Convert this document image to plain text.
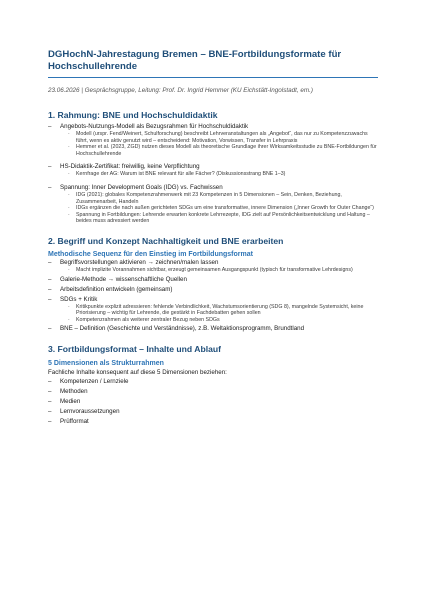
DGHochN-Jahrestagung Bremen – BNE-Fortbildungsformate für Hochschullehrende
23.06.2026 | Gesprächsgruppe, Leitung: Prof. Dr. Ingrid Hemmer (KU Eichstätt-Ingolstadt, em.)
1. Rahmung: BNE und Hochschuldidaktik
–	Angebots-Nutzungs-Modell als Bezugsrahmen für Hochschuldidaktik
·	Modell (urspr. Fend/Weinert, Schulforschung) beschreibt Lehrveranstaltungen als „Angebot“, das nur zu Kompetenzzuwachs führt, wenn es aktiv genutzt wird – entscheidend: Motivation, Vorwissen, Transfer in Lehrpraxis
·	Hemmer et al. (2023, ZGD) nutzen dieses Modell als theoretische Grundlage ihrer Wirksamkeitsstudie zu BNE-Fortbildungen für Hochschullehrende
–	HS-Didaktik-Zertifikat: freiwillig, keine Verpflichtung
·	Kernfrage der AG: Warum ist BNE relevant für alle Fächer? (Diskussionsstrang BNE 1–3)
–	Spannung: Inner Development Goals (IDG) vs. Fachwissen
·	IDG (2021): globales Kompetenzrahmenwerk mit 23 Kompetenzen in 5 Dimensionen – Sein, Denken, Beziehung, Zusammenarbeit, Handeln
·	IDGs ergänzen die nach außen gerichteten SDGs um eine transformative, innere Dimension („Inner Growth for Outer Change“)
·	Spannung in Fortbildungen: Lehrende erwarten konkrete Lehrrezepte, IDG zielt auf Persönlichkeitsentwicklung und Haltung – beides muss adressiert werden
2. Begriff und Konzept Nachhaltigkeit und BNE erarbeiten
Methodische Sequenz für den Einstieg im Fortbildungsformat
–	Begriffsvorstellungen aktivieren → zeichnen/malen lassen
·	Macht implizite Vorannahmen sichtbar, erzeugt gemeinsamen Ausgangspunkt (typisch für transformative Lehrdesigns)
–	Galerie-Methode → wissenschaftliche Quellen
–	Arbeitsdefinition entwickeln (gemeinsam)
–	SDGs + Kritik
·	Kritikpunkte explizit adressieren: fehlende Verbindlichkeit, Wachstumsorientierung (SDG 8), mangelnde Systemsicht, keine Priorisierung – wichtig für Lehrende, die gestärkt in Fachdebatten gehen sollen
·	Kompetenzrahmen als weiterer zentraler Bezug neben SDGs
–	BNE – Definition (Geschichte und Verständnisse), z.B. Weltaktionsprogramm, Brundtland
3. Fortbildungsformat – Inhalte und Ablauf
5 Dimensionen als Strukturrahmen
Fachliche Inhalte konsequent auf diese 5 Dimensionen beziehen:
–	Kompetenzen / Lernziele
–	Methoden
–	Medien
–	Lernvoraussetzungen
–	Prüfformat
